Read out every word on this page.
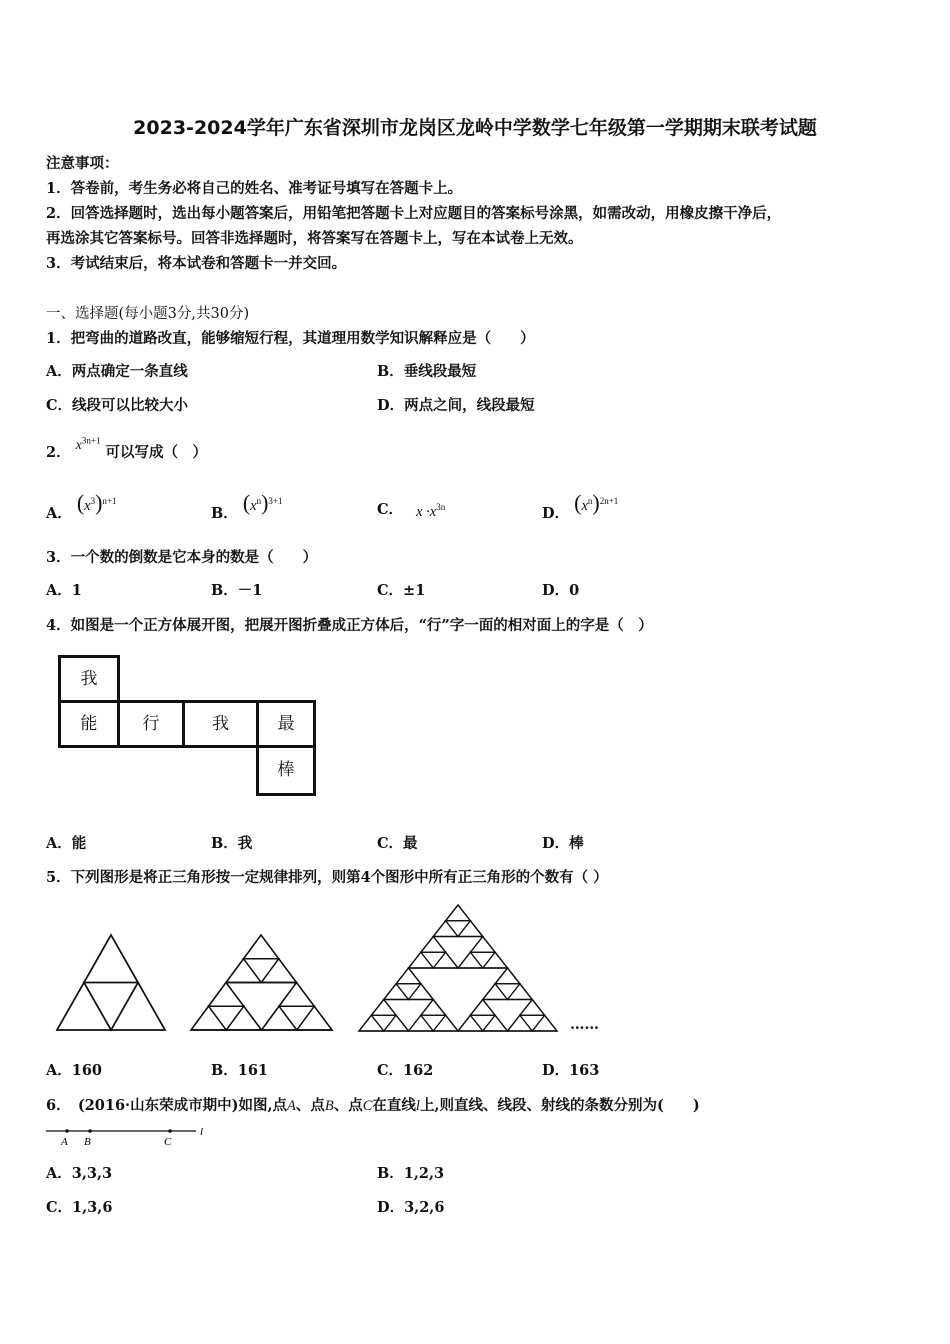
2023-2024学年广东省深圳市龙岗区龙岭中学数学七年级第一学期期末联考试题
注意事项：
1．答卷前，考生务必将自己的姓名、准考证号填写在答题卡上。
2．回答选择题时，选出每小题答案后，用铅笔把答题卡上对应题目的答案标号涂黑，如需改动，用橡皮擦干净后，
再选涂其它答案标号。回答非选择题时，将答案写在答题卡上，写在本试卷上无效。
3．考试结束后，将本试卷和答题卡一并交回。
一、选择题(每小题3分,共30分)
1．把弯曲的道路改直，能够缩短行程，其道理用数学知识解释应是（　　）
A．两点确定一条直线	B．垂线段最短
C．线段可以比较大小	D．两点之间，线段最短
2． $x^{3n+1}$ 可以写成（　）
A． $(x^3)^{n+1}$
B． $(x^n)^{3+1}$	C． $x \cdot x^{3n}$	D． $(x^n)^{2n+1}$
3．一个数的倒数是它本身的数是（　　）
A．1	B．－1	C．±1	D．0
4．如图是一个正方体展开图，把展开图折叠成正方体后，“行”字一面的相对面上的字是（　）
我
能	行	我	最
棒
A．能	B．我	C．最	D．棒
5．下列图形是将正三角形按一定规律排列，则第4个图形中所有正三角形的个数有（ ）
……
A．160	B．161	C．162	D．163
6．　(2016·山东荣成市期中)如图,点A、点B、点C在直线l上,则直线、线段、射线的条数分别为(　　)
A B	C
l
A．3,3,3	B．1,2,3
C．1,3,6	D．3,2,6
